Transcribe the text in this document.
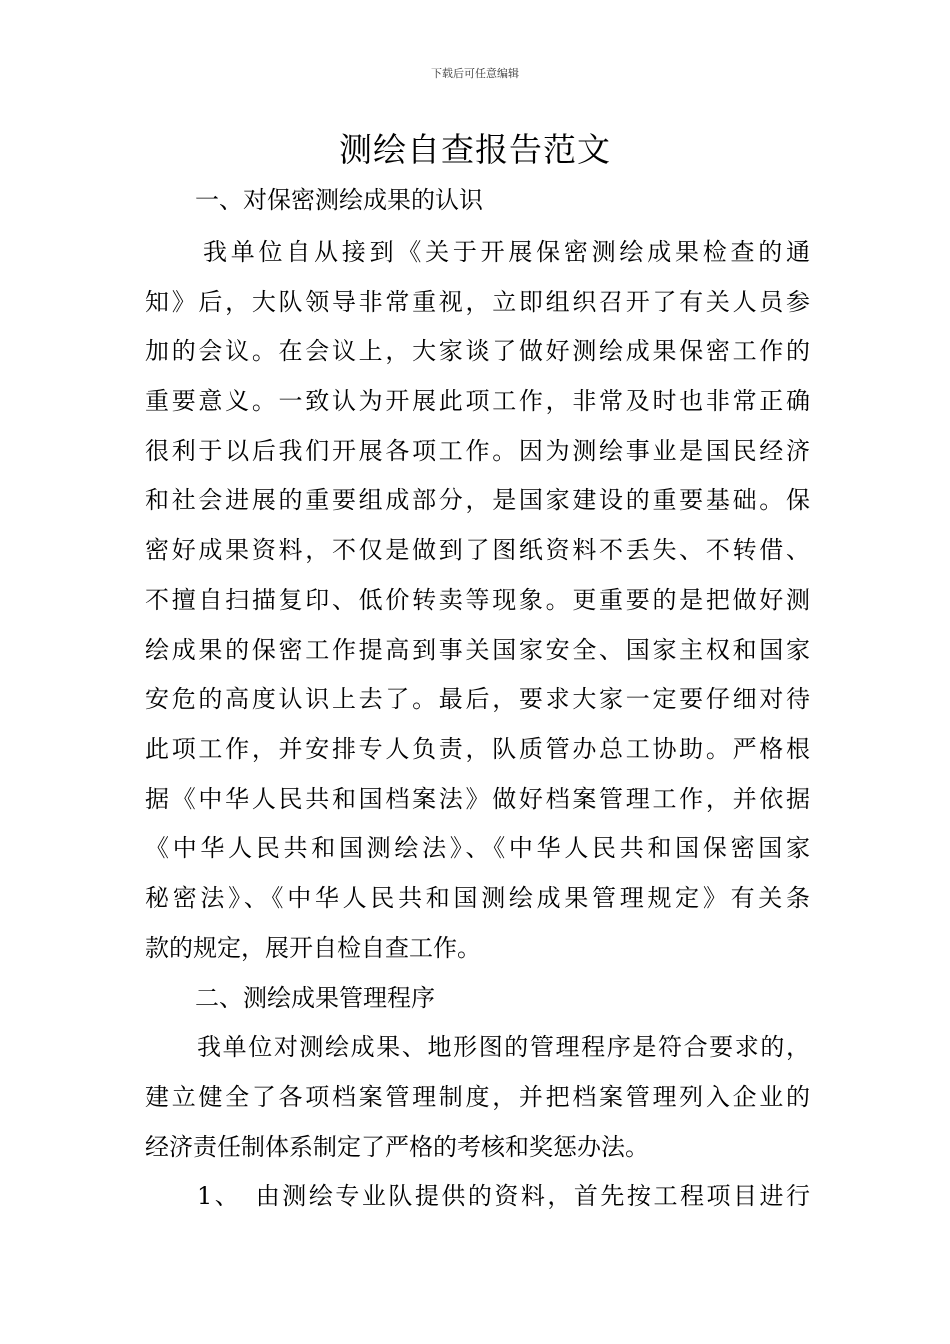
下载后可任意编辑
测绘自查报告范文
一、对保密测绘成果的认识
我单位自从接到《关于开展保密测绘成果检查的通
知》后，大队领导非常重视，立即组织召开了有关人员参
加的会议。在会议上，大家谈了做好测绘成果保密工作的
重要意义。一致认为开展此项工作，非常及时也非常正确
很利于以后我们开展各项工作。因为测绘事业是国民经济
和社会进展的重要组成部分，是国家建设的重要基础。保
密好成果资料，不仅是做到了图纸资料不丢失、不转借、
不擅自扫描复印、低价转卖等现象。更重要的是把做好测
绘成果的保密工作提高到事关国家安全、国家主权和国家
安危的高度认识上去了。最后，要求大家一定要仔细对待
此项工作，并安排专人负责，队质管办总工协助。严格根
据《中华人民共和国档案法》做好档案管理工作，并依据
《中华人民共和国测绘法》、《中华人民共和国保密国家
秘密法》、《中华人民共和国测绘成果管理规定》有关条
款的规定，展开自检自查工作。
二、测绘成果管理程序
我单位对测绘成果、地形图的管理程序是符合要求的，
建立健全了各项档案管理制度，并把档案管理列入企业的
经济责任制体系制定了严格的考核和奖惩办法。
1、　由测绘专业队提供的资料，首先按工程项目进行
